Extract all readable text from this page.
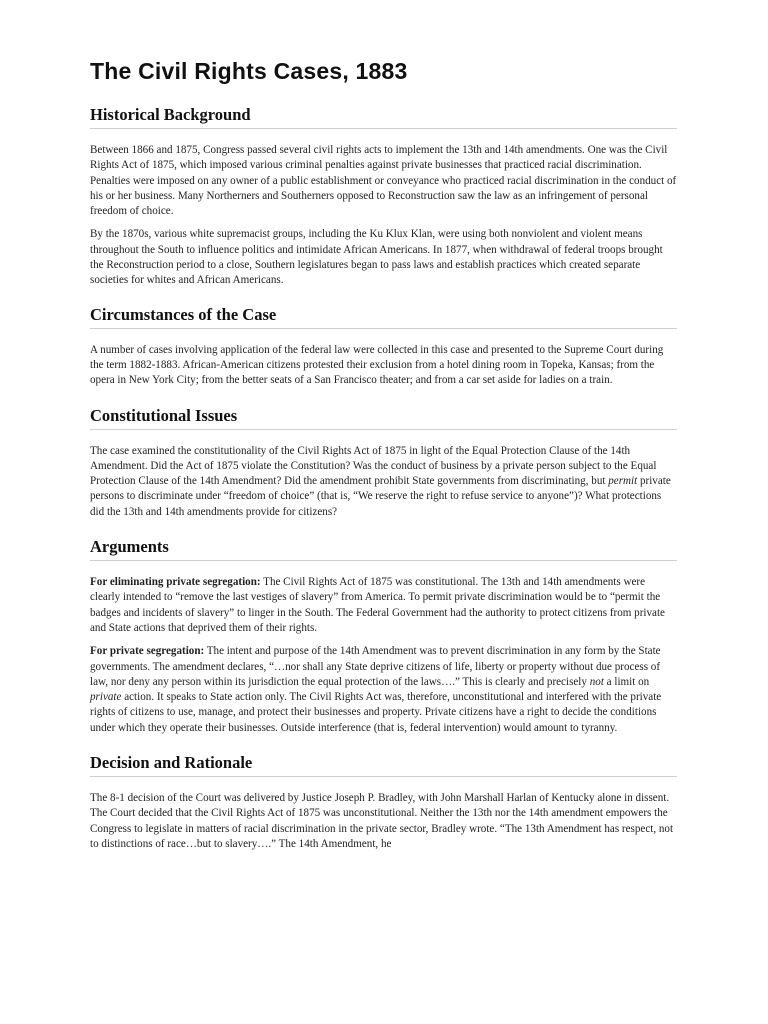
The Civil Rights Cases, 1883
Historical Background

Between 1866 and 1875, Congress passed several civil rights acts to implement the 13th and 14th amendments. One was the Civil Rights Act of 1875, which imposed various criminal penalties against private businesses that practiced racial discrimination. Penalties were imposed on any owner of a public establishment or conveyance who practiced racial discrimination in the conduct of his or her business. Many Northerners and Southerners opposed to Reconstruction saw the law as an infringement of personal freedom of choice.

By the 1870s, various white supremacist groups, including the Ku Klux Klan, were using both nonviolent and violent means throughout the South to influence politics and intimidate African Americans. In 1877, when withdrawal of federal troops brought the Reconstruction period to a close, Southern legislatures began to pass laws and establish practices which created separate societies for whites and African Americans.

Circumstances of the Case

A number of cases involving application of the federal law were collected in this case and presented to the Supreme Court during the term 1882-1883. African-American citizens protested their exclusion from a hotel dining room in Topeka, Kansas; from the opera in New York City; from the better seats of a San Francisco theater; and from a car set aside for ladies on a train.

Constitutional Issues

The case examined the constitutionality of the Civil Rights Act of 1875 in light of the Equal Protection Clause of the 14th Amendment. Did the Act of 1875 violate the Constitution? Was the conduct of business by a private person subject to the Equal Protection Clause of the 14th Amendment? Did the amendment prohibit State governments from discriminating, but permit private persons to discriminate under “freedom of choice” (that is, “We reserve the right to refuse service to anyone”)? What protections did the 13th and 14th amendments provide for citizens?

Arguments

For eliminating private segregation: The Civil Rights Act of 1875 was constitutional. The 13th and 14th amendments were clearly intended to “remove the last vestiges of slavery” from America. To permit private discrimination would be to “permit the badges and incidents of slavery” to linger in the South. The Federal Government had the authority to protect citizens from private and State actions that deprived them of their rights.

For private segregation: The intent and purpose of the 14th Amendment was to prevent discrimination in any form by the State governments. The amendment declares, “…nor shall any State deprive citizens of life, liberty or property without due process of law, nor deny any person within its jurisdiction the equal protection of the laws….” This is clearly and precisely not a limit on private action. It speaks to State action only. The Civil Rights Act was, therefore, unconstitutional and interfered with the private rights of citizens to use, manage, and protect their businesses and property. Private citizens have a right to decide the conditions under which they operate their businesses. Outside interference (that is, federal intervention) would amount to tyranny.

Decision and Rationale

The 8-1 decision of the Court was delivered by Justice Joseph P. Bradley, with John Marshall Harlan of Kentucky alone in dissent. The Court decided that the Civil Rights Act of 1875 was unconstitutional. Neither the 13th nor the 14th amendment empowers the Congress to legislate in matters of racial discrimination in the private sector, Bradley wrote. “The 13th Amendment has respect, not to distinctions of race…but to slavery….” The 14th Amendment, he
